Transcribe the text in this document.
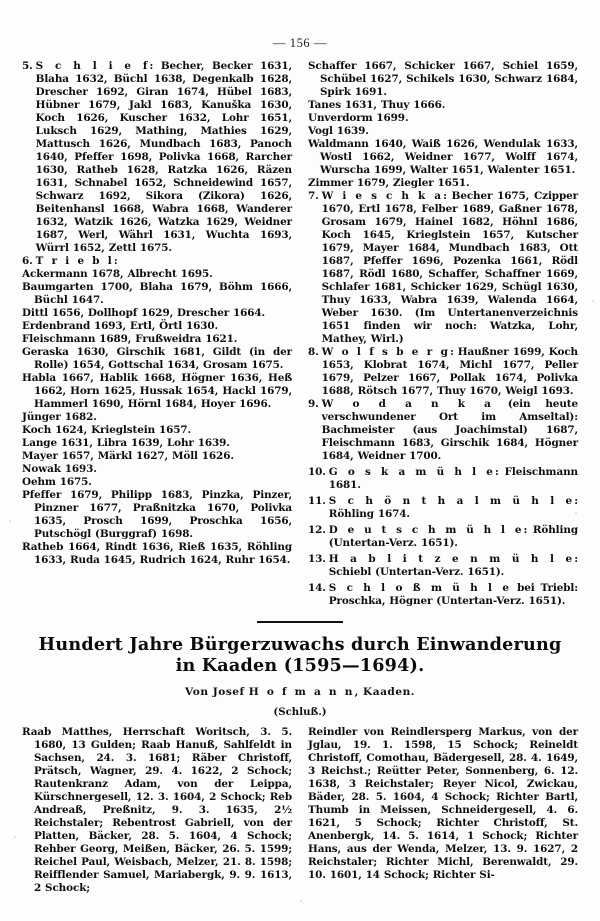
— 156 —
5. S c h l i e f: Becher, Becker 1631, Blaha 1632, Büchl 1638, Degenkalb 1628, Drescher 1692, Giran 1674, Hübel 1683, Hübner 1679, Jakl 1683, Kanuška 1630, Koch 1626, Kuscher 1632, Lohr 1651, Luksch 1629, Mathing, Mathies 1629, Mattusch 1626, Mundbach 1683, Panoch 1640, Pfeffer 1698, Polivka 1668, Rarcher 1630, Ratheb 1628, Ratzka 1626, Räzen 1631, Schnabel 1652, Schneidewind 1657, Schwarz 1692, Sikora (Zikora) 1626, Beitenhansl 1668, Wabra 1668, Wanderer 1632, Watzik 1626, Watzka 1629, Weidner 1687, Werl, Währl 1631, Wuchta 1693, Würrl 1652, Zettl 1675.
6. T r i e b l:

Ackermann 1678, Albrecht 1695.

Baumgarten 1700, Blaha 1679, Böhm 1666, Büchl 1647.

Dittl 1656, Dollhopf 1629, Drescher 1664.

Erdenbrand 1693, Ertl, Örtl 1630.

Fleischmann 1689, Frußweidra 1621.

Geraska 1630, Girschik 1681, Gildt (in der Rolle) 1654, Gottschal 1634, Grosam 1675.

Habla 1667, Hablik 1668, Högner 1636, Heß 1662, Horn 1625, Hussak 1654, Hackl 1679, Hammerl 1690, Hörnl 1684, Hoyer 1696.

Jünger 1682.

Koch 1624, Krieglstein 1657.

Lange 1631, Libra 1639, Lohr 1639.

Mayer 1657, Märkl 1627, Möll 1626.

Nowak 1693.

Oehm 1675.

Pfeffer 1679, Philipp 1683, Pinzka, Pinzer, Pinzner 1677, Praßnitzka 1670, Polivka 1635, Prosch 1699, Proschka 1656, Putschögl (Burggraf) 1698.

Ratheb 1664, Rindt 1636, Rieß 1635, Röhling 1633, Ruda 1645, Rudrich 1624, Ruhr 1654.

Schaffer 1667, Schicker 1667, Schiel 1659, Schübel 1627, Schikels 1630, Schwarz 1684, Spirk 1691.

Tanes 1631, Thuy 1666.

Unverdorm 1699.

Vogl 1639.

Waldmann 1640, Waiß 1626, Wendulak 1633, Wostl 1662, Weidner 1677, Wolff 1674, Wurscha 1699, Walter 1651, Walenter 1651.

Zimmer 1679, Ziegler 1651.

7. W i e s c h k a: Becher 1675, Czipper 1670, Ertl 1678, Felber 1689, Gaßner 1678, Grosam 1679, Hainel 1682, Höhnl 1686, Koch 1645, Krieglstein 1657, Kutscher 1679, Mayer 1684, Mundbach 1683, Ott 1687, Pfeffer 1696, Pozenka 1661, Rödl 1687, Rödl 1680, Schaffer, Schaffner 1669, Schlafer 1681, Schicker 1629, Schügl 1630, Thuy 1633, Wabra 1639, Walenda 1664, Weber 1630. (Im Untertanenverzeichnis 1651 finden wir noch: Watzka, Lohr, Mathey, Wirl.)
8. W o l f s b e r g: Haußner 1699, Koch 1653, Klobrat 1674, Michl 1677, Peller 1679, Pelzer 1667, Pollak 1674, Polivka 1688, Rötsch 1677, Thuy 1670, Weigl 1693.
9. W o d a n k a (ein heute verschwundener Ort im Amseltal): Bachmeister (aus Joachimstal) 1687, Fleischmann 1683, Girschik 1684, Högner 1684, Weidner 1700.
10. G o s k a m ü h l e: Fleischmann 1681.
11. S c h ö n t h a l m ü h l e: Röhling 1674.
12. D e u t s c h m ü h l e: Röhling (Untertan-Verz. 1651).
13. H a b l i t z e n m ü h l e: Schiebl (Untertan-Verz. 1651).
14. S c h l o ß m ü h l e bei Triebl: Proschka, Högner (Untertan-Verz. 1651).
Hundert Jahre Bürgerzuwachs durch Einwanderung
in Kaaden (1595—1694).
Von Josef H o f m a n n, Kaaden.
(Schluß.)

Raab Matthes, Herrschaft Woritsch, 3. 5. 1680, 13 Gulden; Raab Hanuß, Sahlfeldt in Sachsen, 24. 3. 1681; Räber Christoff, Prätsch, Wagner, 29. 4. 1622, 2 Schock; Rautenkranz Adam, von der Leippa, Kürschnergesell, 12. 3. 1604, 2 Schock; Reb Andreaß, Preßnitz, 9. 3. 1635, 2½ Reichstaler; Rebentrost Gabriell, von der Platten, Bäcker, 28. 5. 1604, 4 Schock; Rehber Georg, Meißen, Bäcker, 26. 5. 1599; Reichel Paul, Weisbach, Melzer, 21. 8. 1598; Reifflender Samuel, Mariabergk, 9. 9. 1613, 2 Schock;

Reindler von Reindlersperg Markus, von der Jglau, 19. 1. 1598, 15 Schock; Reineldt Christoff, Comothau, Bädergesell, 28. 4. 1649, 3 Reichst.; Reütter Peter, Sonnenberg, 6. 12. 1638, 3 Reichstaler; Reyer Nicol, Zwickau, Bäder, 28. 5. 1604, 4 Schock; Richter Bartl, Thumb in Meissen, Schneidergesell, 4. 6. 1621, 5 Schock; Richter Christoff, St. Anenbergk, 14. 5. 1614, 1 Schock; Richter Hans, aus der Wenda, Melzer, 13. 9. 1627, 2 Reichstaler; Richter Michl, Berenwaldt, 29. 10. 1601, 14 Schock; Richter Si-
